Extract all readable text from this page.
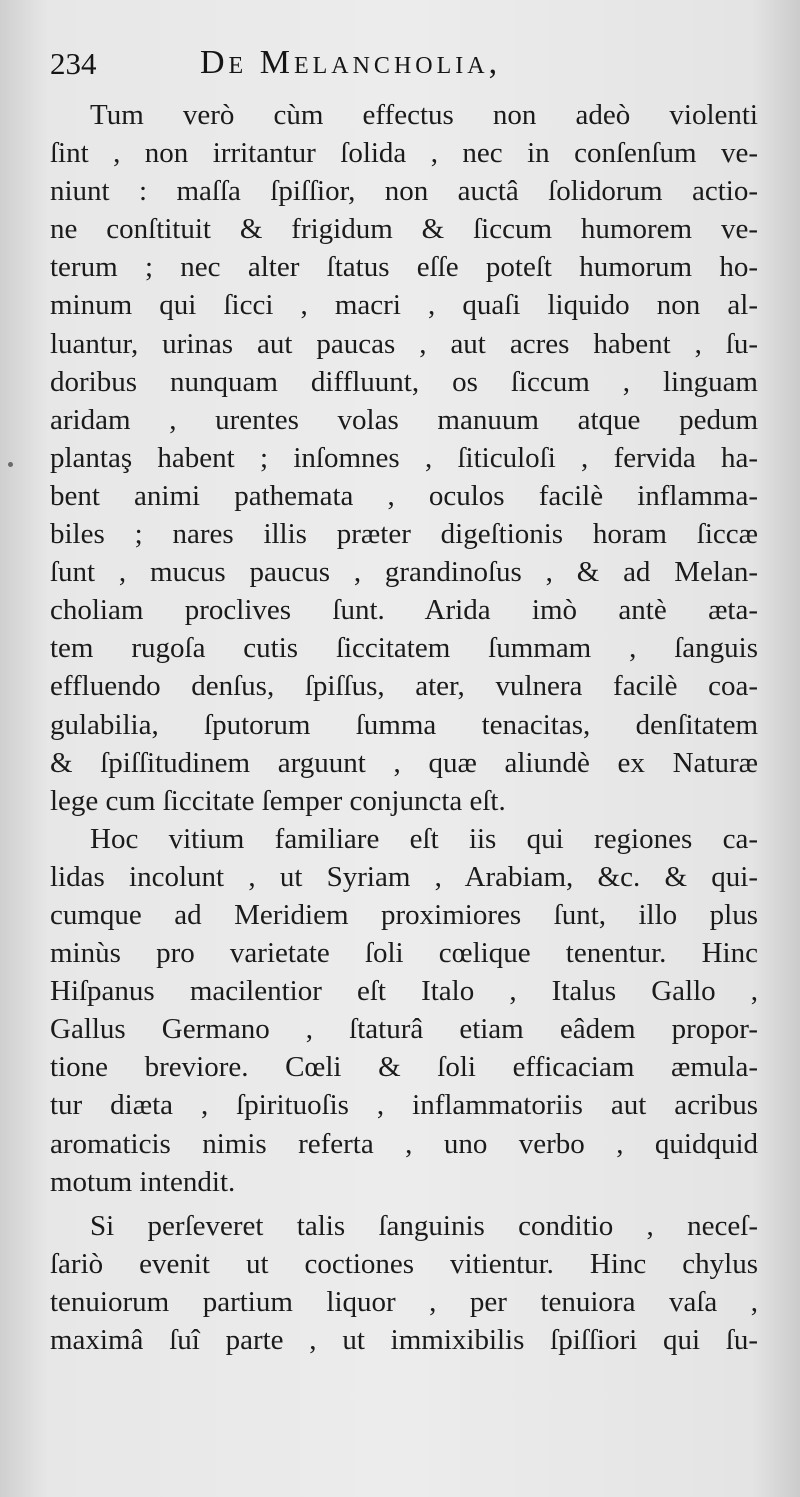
234	De Melancholia,
Tum verò cùm effectus non adeò violenti
ſint , non irritantur ſolida , nec in conſenſum ve-
niunt : maſſa ſpiſſior, non auctâ ſolidorum actio-
ne conſtituit & frigidum & ſiccum humorem ve-
terum ; nec alter ſtatus eſſe poteſt humorum ho-
minum qui ſicci , macri , quaſi liquido non al-
luantur, urinas aut paucas , aut acres habent , ſu-
doribus nunquam diffluunt, os ſiccum , linguam
aridam , urentes volas manuum atque pedum
plantaş habent ; inſomnes , ſiticuloſi , fervida ha-
bent animi pathemata , oculos facilè inflamma-
biles ; nares illis præter digeſtionis horam ſiccæ
ſunt , mucus paucus , grandinoſus , & ad Melan-
choliam proclives ſunt. Arida imò antè æta-
tem rugoſa cutis ſiccitatem ſummam , ſanguis
effluendo denſus, ſpiſſus, ater, vulnera facilè coa-
gulabilia, ſputorum ſumma tenacitas, denſitatem
& ſpiſſitudinem arguunt , quæ aliundè ex Naturæ
lege cum ſiccitate ſemper conjuncta eſt.
Hoc vitium familiare eſt iis qui regiones ca-
lidas incolunt , ut Syriam , Arabiam, &c. & qui-
cumque ad Meridiem proximiores ſunt, illo plus
minùs pro varietate ſoli cœlique tenentur. Hinc
Hiſpanus macilentior eſt Italo , Italus Gallo ,
Gallus Germano , ſtaturâ etiam eâdem propor-
tione breviore. Cœli & ſoli efficaciam æmula-
tur diæta , ſpirituoſis , inflammatoriis aut acribus
aromaticis nimis referta , uno verbo , quidquid
motum intendit.
Si perſeveret talis ſanguinis conditio , neceſ-
ſariò evenit ut coctiones vitientur. Hinc chylus
tenuiorum partium liquor , per tenuiora vaſa ,
maximâ ſuî parte , ut immixibilis ſpiſſiori qui ſu-
